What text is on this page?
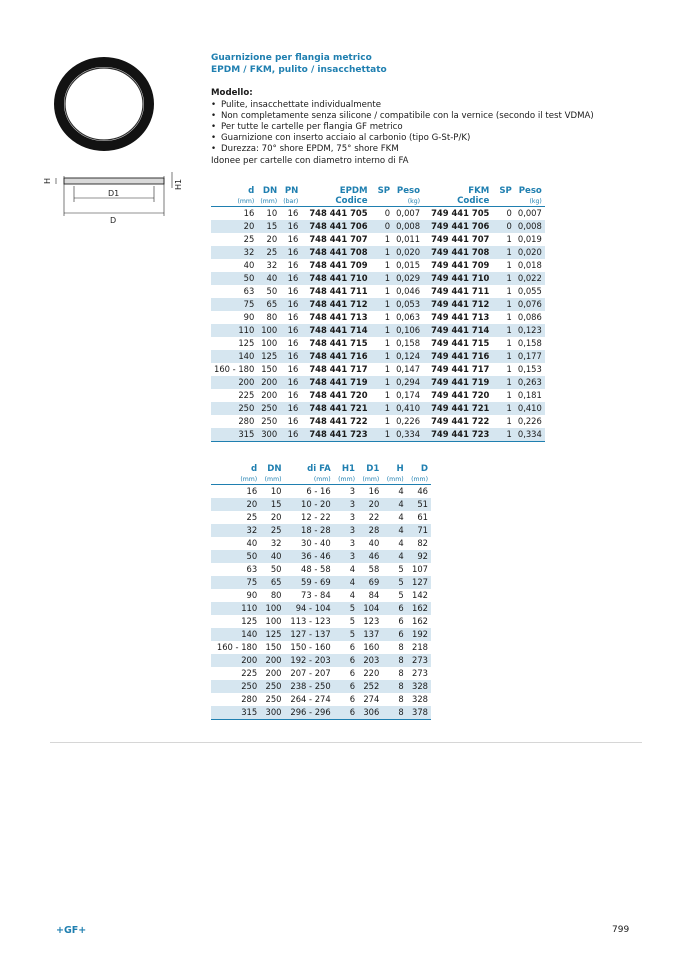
H
D1
D
H1
Guarnizione per flangia metrico
EPDM / FKM, pulito / insacchettato
Modello:
• Pulite, insacchettate individualmente
• Non completamente senza silicone / compatibile con la vernice (secondo il test VDMA)
• Per tutte le cartelle per flangia GF metrico
• Guarnizione con inserto acciaio al carbonio (tipo G-St-P/K)
• Durezza: 70° shore EPDM, 75° shore FKM
Idonee per cartelle con diametro interno di FA
d	DN	PN	EPDM	SP	Peso	FKM	SP	Peso
(mm)	(mm)	(bar)	Codice		(kg)	Codice		(kg)
16	10	16	748 441 705	0	0,007	749 441 705	0	0,007
20	15	16	748 441 706	0	0,008	749 441 706	0	0,008
25	20	16	748 441 707	1	0,011	749 441 707	1	0,019
32	25	16	748 441 708	1	0,020	749 441 708	1	0,020
40	32	16	748 441 709	1	0,015	749 441 709	1	0,018
50	40	16	748 441 710	1	0,029	749 441 710	1	0,022
63	50	16	748 441 711	1	0,046	749 441 711	1	0,055
75	65	16	748 441 712	1	0,053	749 441 712	1	0,076
90	80	16	748 441 713	1	0,063	749 441 713	1	0,086
110	100	16	748 441 714	1	0,106	749 441 714	1	0,123
125	100	16	748 441 715	1	0,158	749 441 715	1	0,158
140	125	16	748 441 716	1	0,124	749 441 716	1	0,177
160 - 180	150	16	748 441 717	1	0,147	749 441 717	1	0,153
200	200	16	748 441 719	1	0,294	749 441 719	1	0,263
225	200	16	748 441 720	1	0,174	749 441 720	1	0,181
250	250	16	748 441 721	1	0,410	749 441 721	1	0,410
280	250	16	748 441 722	1	0,226	749 441 722	1	0,226
315	300	16	748 441 723	1	0,334	749 441 723	1	0,334
d	DN	di FA	H1	D1	H	D
(mm)	(mm)	(mm)	(mm)	(mm)	(mm)	(mm)
16	10	6 - 16	3	16	4	46
20	15	10 - 20	3	20	4	51
25	20	12 - 22	3	22	4	61
32	25	18 - 28	3	28	4	71
40	32	30 - 40	3	40	4	82
50	40	36 - 46	3	46	4	92
63	50	48 - 58	4	58	5	107
75	65	59 - 69	4	69	5	127
90	80	73 - 84	4	84	5	142
110	100	94 - 104	5	104	6	162
125	100	113 - 123	5	123	6	162
140	125	127 - 137	5	137	6	192
160 - 180	150	150 - 160	6	160	8	218
200	200	192 - 203	6	203	8	273
225	200	207 - 207	6	220	8	273
250	250	238 - 250	6	252	8	328
280	250	264 - 274	6	274	8	328
315	300	296 - 296	6	306	8	378
+GF+	799
